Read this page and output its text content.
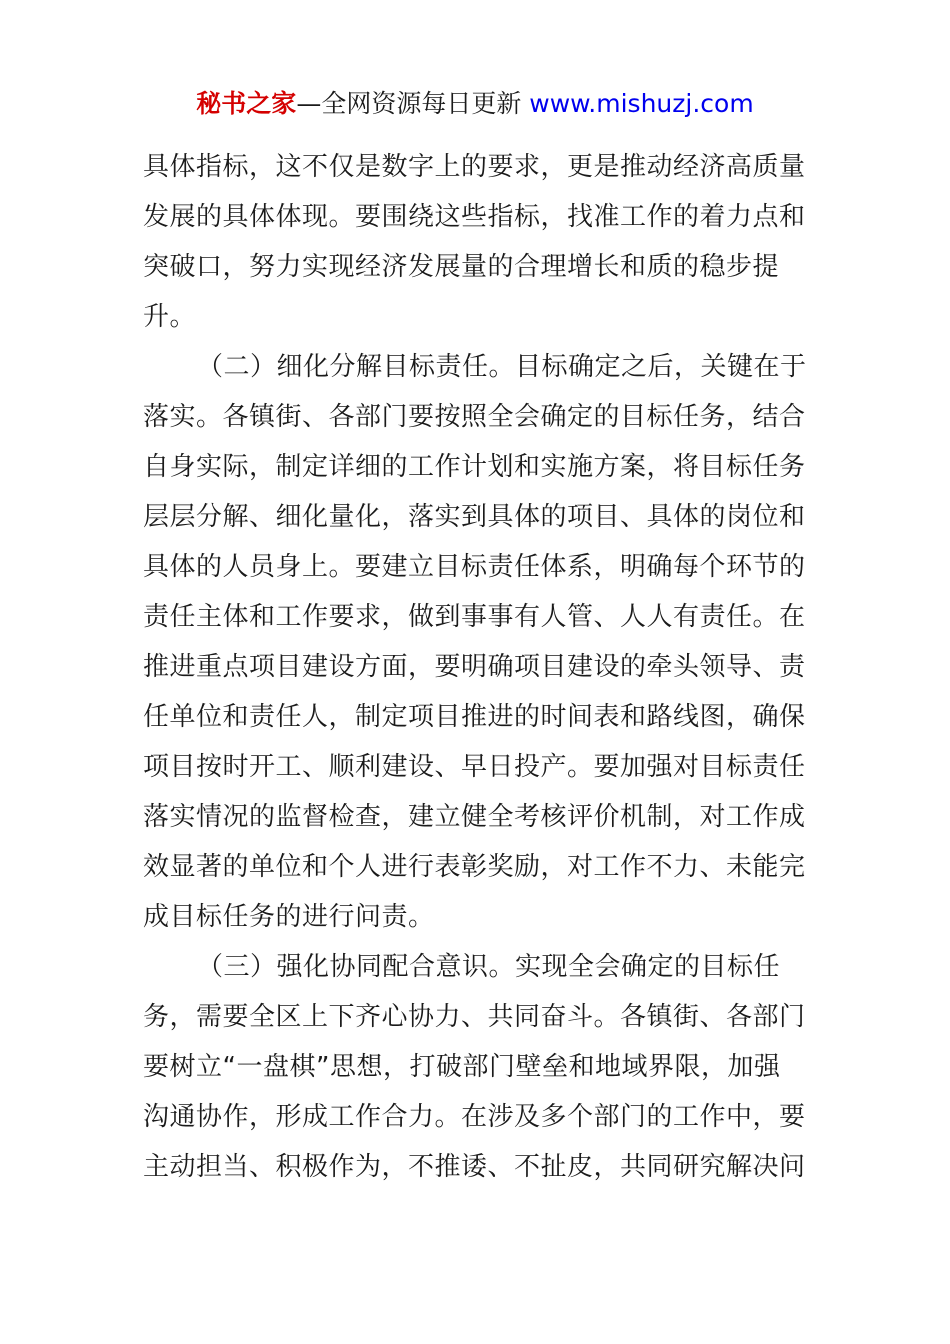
秘书之家—全网资源每日更新 www.mishuzj.com
具体指标，这不仅是数字上的要求，更是推动经济高质量
发展的具体体现。要围绕这些指标，找准工作的着力点和
突破口，努力实现经济发展量的合理增长和质的稳步提
升。
（二）细化分解目标责任。目标确定之后，关键在于
落实。各镇街、各部门要按照全会确定的目标任务，结合
自身实际，制定详细的工作计划和实施方案，将目标任务
层层分解、细化量化，落实到具体的项目、具体的岗位和
具体的人员身上。要建立目标责任体系，明确每个环节的
责任主体和工作要求，做到事事有人管、人人有责任。在
推进重点项目建设方面，要明确项目建设的牵头领导、责
任单位和责任人，制定项目推进的时间表和路线图，确保
项目按时开工、顺利建设、早日投产。要加强对目标责任
落实情况的监督检查，建立健全考核评价机制，对工作成
效显著的单位和个人进行表彰奖励，对工作不力、未能完
成目标任务的进行问责。
（三）强化协同配合意识。实现全会确定的目标任
务，需要全区上下齐心协力、共同奋斗。各镇街、各部门
要树立“一盘棋”思想，打破部门壁垒和地域界限，加强
沟通协作，形成工作合力。在涉及多个部门的工作中，要
主动担当、积极作为，不推诿、不扯皮，共同研究解决问
